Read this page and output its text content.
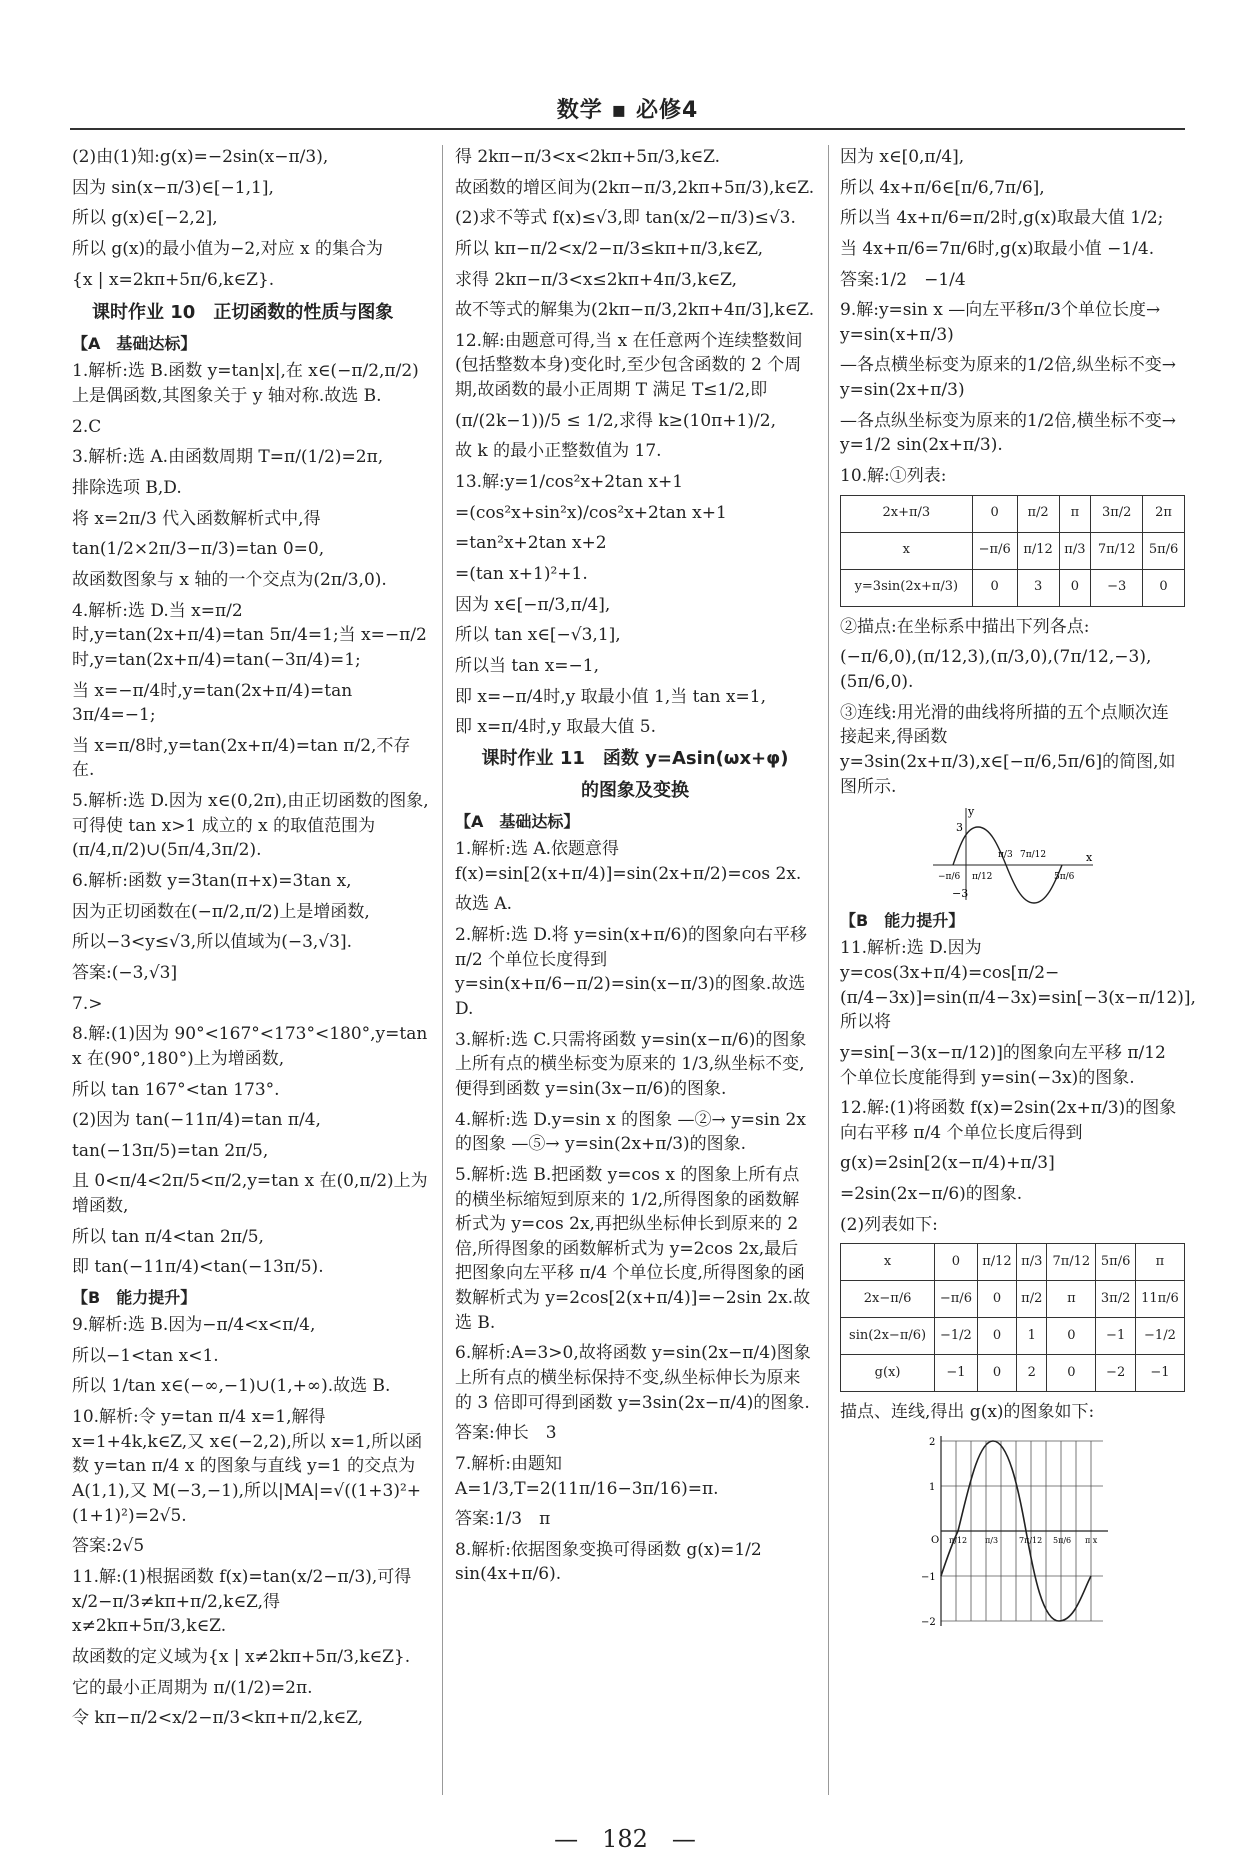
数学 ▪ 必修4
(2)由(1)知:g(x)=−2sin(x−π/3),
因为 sin(x−π/3)∈[−1,1],
所以 g(x)∈[−2,2],
所以 g(x)的最小值为−2,对应 x 的集合为
{x | x=2kπ+5π/6,k∈Z}.
课时作业 10　正切函数的性质与图象
【A　基础达标】
1.解析:选 B.函数 y=tan|x|,在 x∈(−π/2,π/2)上是偶函数,其图象关于 y 轴对称.故选 B.
2.C
3.解析:选 A.由函数周期 T=π/(1/2)=2π,
排除选项 B,D.
将 x=2π/3 代入函数解析式中,得
tan(1/2×2π/3−π/3)=tan 0=0,
故函数图象与 x 轴的一个交点为(2π/3,0).
4.解析:选 D.当 x=π/2时,y=tan(2x+π/4)=tan 5π/4=1;当 x=−π/2时,y=tan(2x+π/4)=tan(−3π/4)=1;
当 x=−π/4时,y=tan(2x+π/4)=tan 3π/4=−1;
当 x=π/8时,y=tan(2x+π/4)=tan π/2,不存在.
5.解析:选 D.因为 x∈(0,2π),由正切函数的图象,可得使 tan x>1 成立的 x 的取值范围为(π/4,π/2)∪(5π/4,3π/2).
6.解析:函数 y=3tan(π+x)=3tan x,
因为正切函数在(−π/2,π/2)上是增函数,
所以−3<y≤√3,所以值域为(−3,√3].
答案:(−3,√3]
7.>
8.解:(1)因为 90°<167°<173°<180°,y=tan x 在(90°,180°)上为增函数,
所以 tan 167°<tan 173°.
(2)因为 tan(−11π/4)=tan π/4,
tan(−13π/5)=tan 2π/5,
且 0<π/4<2π/5<π/2,y=tan x 在(0,π/2)上为增函数,
所以 tan π/4<tan 2π/5,
即 tan(−11π/4)<tan(−13π/5).
【B　能力提升】
9.解析:选 B.因为−π/4<x<π/4,
所以−1<tan x<1.
所以 1/tan x∈(−∞,−1)∪(1,+∞).故选 B.
10.解析:令 y=tan π/4 x=1,解得 x=1+4k,k∈Z,又 x∈(−2,2),所以 x=1,所以函数 y=tan π/4 x 的图象与直线 y=1 的交点为 A(1,1),又 M(−3,−1),所以|MA|=√((1+3)²+(1+1)²)=2√5.
答案:2√5
11.解:(1)根据函数 f(x)=tan(x/2−π/3),可得 x/2−π/3≠kπ+π/2,k∈Z,得 x≠2kπ+5π/3,k∈Z.
故函数的定义域为{x | x≠2kπ+5π/3,k∈Z}.
它的最小正周期为 π/(1/2)=2π.
令 kπ−π/2<x/2−π/3<kπ+π/2,k∈Z,
得 2kπ−π/3<x<2kπ+5π/3,k∈Z.
故函数的增区间为(2kπ−π/3,2kπ+5π/3),k∈Z.
(2)求不等式 f(x)≤√3,即 tan(x/2−π/3)≤√3.
所以 kπ−π/2<x/2−π/3≤kπ+π/3,k∈Z,
求得 2kπ−π/3<x≤2kπ+4π/3,k∈Z,
故不等式的解集为(2kπ−π/3,2kπ+4π/3],k∈Z.
12.解:由题意可得,当 x 在任意两个连续整数间(包括整数本身)变化时,至少包含函数的 2 个周期,故函数的最小正周期 T 满足 T≤1/2,即
(π/(2k−1))/5 ≤ 1/2,求得 k≥(10π+1)/2,
故 k 的最小正整数值为 17.
13.解:y=1/cos²x+2tan x+1
=(cos²x+sin²x)/cos²x+2tan x+1
=tan²x+2tan x+2
=(tan x+1)²+1.
因为 x∈[−π/3,π/4],
所以 tan x∈[−√3,1],
所以当 tan x=−1,
即 x=−π/4时,y 取最小值 1,当 tan x=1,
即 x=π/4时,y 取最大值 5.
课时作业 11　函数 y=Asin(ωx+φ)
的图象及变换
【A　基础达标】
1.解析:选 A.依题意得 f(x)=sin[2(x+π/4)]=sin(2x+π/2)=cos 2x.
故选 A.
2.解析:选 D.将 y=sin(x+π/6)的图象向右平移 π/2 个单位长度得到 y=sin(x+π/6−π/2)=sin(x−π/3)的图象.故选 D.
3.解析:选 C.只需将函数 y=sin(x−π/6)的图象上所有点的横坐标变为原来的 1/3,纵坐标不变,便得到函数 y=sin(3x−π/6)的图象.
4.解析:选 D.y=sin x 的图象 —②→ y=sin 2x 的图象 —⑤→ y=sin(2x+π/3)的图象.
5.解析:选 B.把函数 y=cos x 的图象上所有点的横坐标缩短到原来的 1/2,所得图象的函数解析式为 y=cos 2x,再把纵坐标伸长到原来的 2 倍,所得图象的函数解析式为 y=2cos 2x,最后把图象向左平移 π/4 个单位长度,所得图象的函数解析式为 y=2cos[2(x+π/4)]=−2sin 2x.故选 B.
6.解析:A=3>0,故将函数 y=sin(2x−π/4)图象上所有点的横坐标保持不变,纵坐标伸长为原来的 3 倍即可得到函数 y=3sin(2x−π/4)的图象.
答案:伸长　3
7.解析:由题知 A=1/3,T=2(11π/16−3π/16)=π.
答案:1/3　π
8.解析:依据图象变换可得函数 g(x)=1/2 sin(4x+π/6).
因为 x∈[0,π/4],
所以 4x+π/6∈[π/6,7π/6],
所以当 4x+π/6=π/2时,g(x)取最大值 1/2;
当 4x+π/6=7π/6时,g(x)取最小值 −1/4.
答案:1/2　−1/4
9.解:y=sin x —向左平移π/3个单位长度→ y=sin(x+π/3)
—各点横坐标变为原来的1/2倍,纵坐标不变→ y=sin(2x+π/3)
—各点纵坐标变为原来的1/2倍,横坐标不变→ y=1/2 sin(2x+π/3).
10.解:①列表:
2x+π/3	0	π/2	π	3π/2	2π
x	−π/6	π/12	π/3	7π/12	5π/6
y=3sin(2x+π/3)	0	3	0	−3	0
②描点:在坐标系中描出下列各点:
(−π/6,0),(π/12,3),(π/3,0),(7π/12,−3),(5π/6,0).
③连线:用光滑的曲线将所描的五个点顺次连接起来,得函数 y=3sin(2x+π/3),x∈[−π/6,5π/6]的简图,如图所示.
y
x
3
−3
−π/6 π/12
π/3 7π/12
5π/6
【B　能力提升】
11.解析:选 D.因为 y=cos(3x+π/4)=cos[π/2−(π/4−3x)]=sin(π/4−3x)=sin[−3(x−π/12)],所以将
y=sin[−3(x−π/12)]的图象向左平移 π/12 个单位长度能得到 y=sin(−3x)的图象.
12.解:(1)将函数 f(x)=2sin(2x+π/3)的图象向右平移 π/4 个单位长度后得到
g(x)=2sin[2(x−π/4)+π/3]
=2sin(2x−π/6)的图象.
(2)列表如下:
x	0	π/12	π/3	7π/12	5π/6	π
2x−π/6	−π/6	0	π/2	π	3π/2	11π/6
sin(2x−π/6)	−1/2	0	1	0	−1	−1/2
g(x)	−1	0	2	0	−2	−1
描点、连线,得出 g(x)的图象如下:
2
1
−1
−2
O π/12 π/3	7π/12 5π/6 π x
—　182　—
